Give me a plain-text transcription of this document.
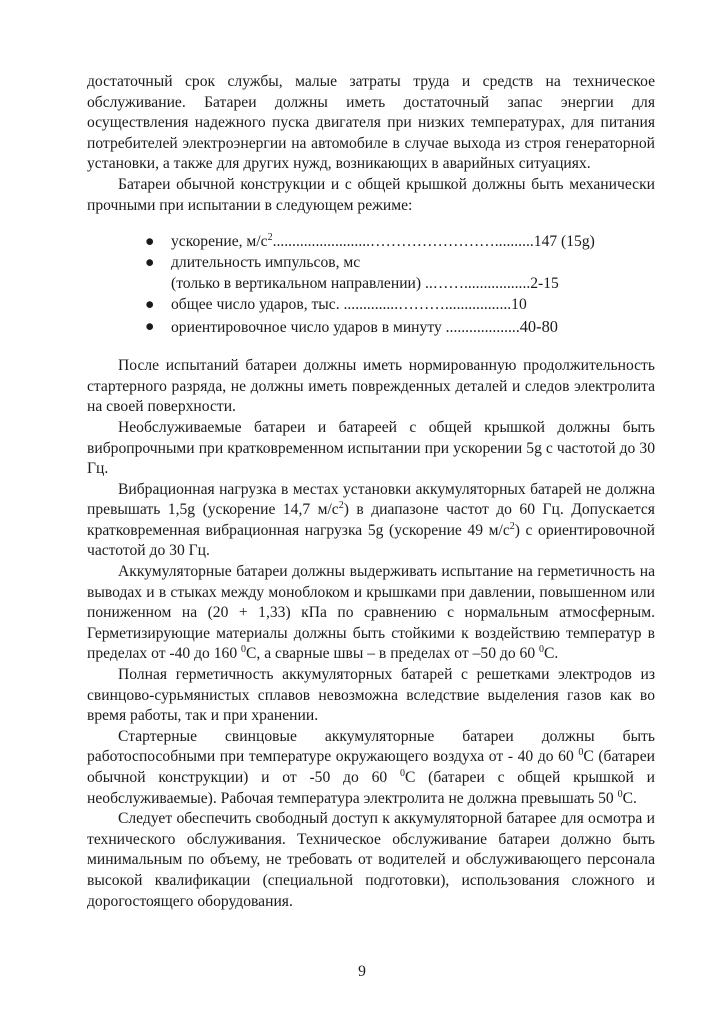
достаточный срок службы, малые затраты труда и средств на техническое обслуживание. Батареи должны иметь достаточный запас энергии для осуществления надежного пуска двигателя при низких температурах, для питания потребителей электроэнергии на автомобиле в случае выхода из строя генераторной установки, а также для других нужд, возникающих в аварийных ситуациях.

Батареи обычной конструкции и с общей крышкой должны быть механически прочными при испытании в следующем режиме:

● ускорение, $м/с^2.........................\dots\dots\dots\dots\dots\dots\dots\dots..........147$ (15g)
● длительность импульсов, мс
(только в вертикальном направлении) ..…….................2-15
● общее число ударов, тыс. ..............……….................10
● ориентировочное число ударов в минуту ...................40-80

После испытаний батареи должны иметь нормированную продолжительность стартерного разряда, не должны иметь поврежденных деталей и следов электролита на своей поверхности.

Необслуживаемые батареи и батареей с общей крышкой должны быть вибропрочными при кратковременном испытании при ускорении 5g с частотой до 30 Гц.

Вибрационная нагрузка в местах установки аккумуляторных батарей не должна превышать 1,5g (ускорение 14,7 $м/с^2$) в диапазоне частот до 60 Гц. Допускается кратковременная вибрационная нагрузка 5g (ускорение 49 $м/с^2$) с ориентировочной частотой до 30 Гц.

Аккумуляторные батареи должны выдерживать испытание на герметичность на выводах и в стыках между моноблоком и крышками при давлении, повышенном или пониженном на (20 + 1,33) кПа по сравнению с нормальным атмосферным. Герметизирующие материалы должны быть стойкими к воздействию температур в пределах от -40 до 160 $^0$С, а сварные швы – в пределах от –50 до 60 $^0$С.

Полная герметичность аккумуляторных батарей с решетками электродов из свинцово-сурьмянистых сплавов невозможна вследствие выделения газов как во время работы, так и при хранении.

Стартерные свинцовые аккумуляторные батареи должны быть работоспособными при температуре окружающего воздуха от - 40 до 60 $^0$С (батареи обычной конструкции) и от -50 до 60 $^0$С (батареи с общей крышкой и необслуживаемые). Рабочая температура электролита не должна превышать 50 $^0$С.

Следует обеспечить свободный доступ к аккумуляторной батарее для осмотра и технического обслуживания. Техническое обслуживание батареи должно быть минимальным по объему, не требовать от водителей и обслуживающего персонала высокой квалификации (специальной подготовки), использования сложного и дорогостоящего оборудования.

9
